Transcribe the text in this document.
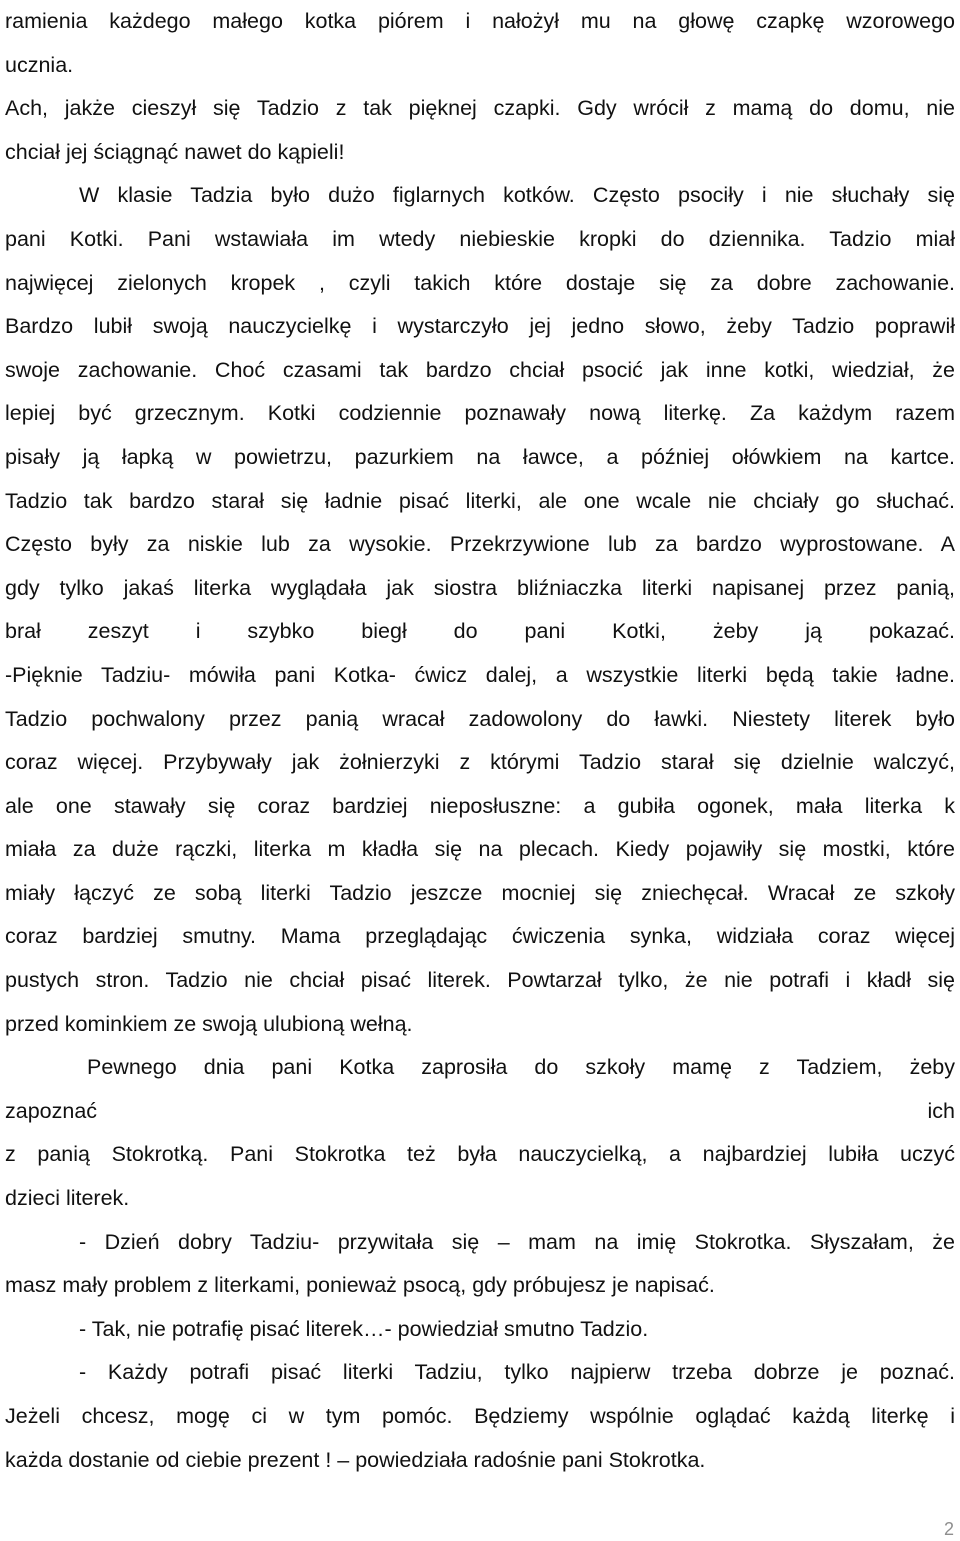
ramienia każdego małego kotka piórem i nałożył mu na głowę czapkę wzorowego
ucznia.
Ach, jakże cieszył się Tadzio z tak pięknej czapki. Gdy wrócił z mamą do domu, nie
chciał jej ściągnąć nawet do kąpieli!
W klasie Tadzia było dużo figlarnych kotków. Często psociły i nie słuchały się
pani Kotki. Pani wstawiała im wtedy niebieskie kropki do dziennika. Tadzio miał
najwięcej zielonych kropek , czyli takich które dostaje się za dobre zachowanie.
Bardzo lubił swoją nauczycielkę i wystarczyło jej jedno słowo, żeby Tadzio poprawił
swoje zachowanie. Choć czasami tak bardzo chciał psocić jak inne kotki, wiedział, że
lepiej być grzecznym. Kotki codziennie poznawały nową literkę. Za każdym razem
pisały ją łapką w powietrzu, pazurkiem na ławce, a później ołówkiem na kartce.
Tadzio tak bardzo starał się ładnie pisać literki, ale one wcale nie chciały go słuchać.
Często były za niskie lub za wysokie. Przekrzywione lub za bardzo wyprostowane. A
gdy tylko jakaś literka wyglądała jak siostra bliźniaczka literki napisanej przez panią,
brał zeszyt i szybko biegł do pani Kotki, żeby ją pokazać.
-Pięknie Tadziu- mówiła pani Kotka- ćwicz dalej, a wszystkie literki będą takie ładne.
Tadzio pochwalony przez panią wracał zadowolony do ławki. Niestety literek było
coraz więcej. Przybywały jak żołnierzyki z którymi Tadzio starał się dzielnie walczyć,
ale one stawały się coraz bardziej nieposłuszne: a gubiła ogonek, mała literka k
miała za duże rączki, literka m kładła się na plecach. Kiedy pojawiły się mostki, które
miały łączyć ze sobą literki Tadzio jeszcze mocniej się zniechęcał. Wracał ze szkoły
coraz bardziej smutny. Mama przeglądając ćwiczenia synka, widziała coraz więcej
pustych stron. Tadzio nie chciał pisać literek. Powtarzał tylko, że nie potrafi i kładł się
przed kominkiem ze swoją ulubioną wełną.
Pewnego dnia pani Kotka zaprosiła do szkoły mamę z Tadziem, żeby
zapoznać ich
z panią Stokrotką. Pani Stokrotka też była nauczycielką, a najbardziej lubiła uczyć
dzieci literek.
- Dzień dobry Tadziu- przywitała się – mam na imię Stokrotka. Słyszałam, że
masz mały problem z literkami, ponieważ psocą, gdy próbujesz je napisać.
- Tak, nie potrafię pisać literek…- powiedział smutno Tadzio.
- Każdy potrafi pisać literki Tadziu, tylko najpierw trzeba dobrze je poznać.
Jeżeli chcesz, mogę ci w tym pomóc. Będziemy wspólnie oglądać każdą literkę i
każda dostanie od ciebie prezent ! – powiedziała radośnie pani Stokrotka.
2
